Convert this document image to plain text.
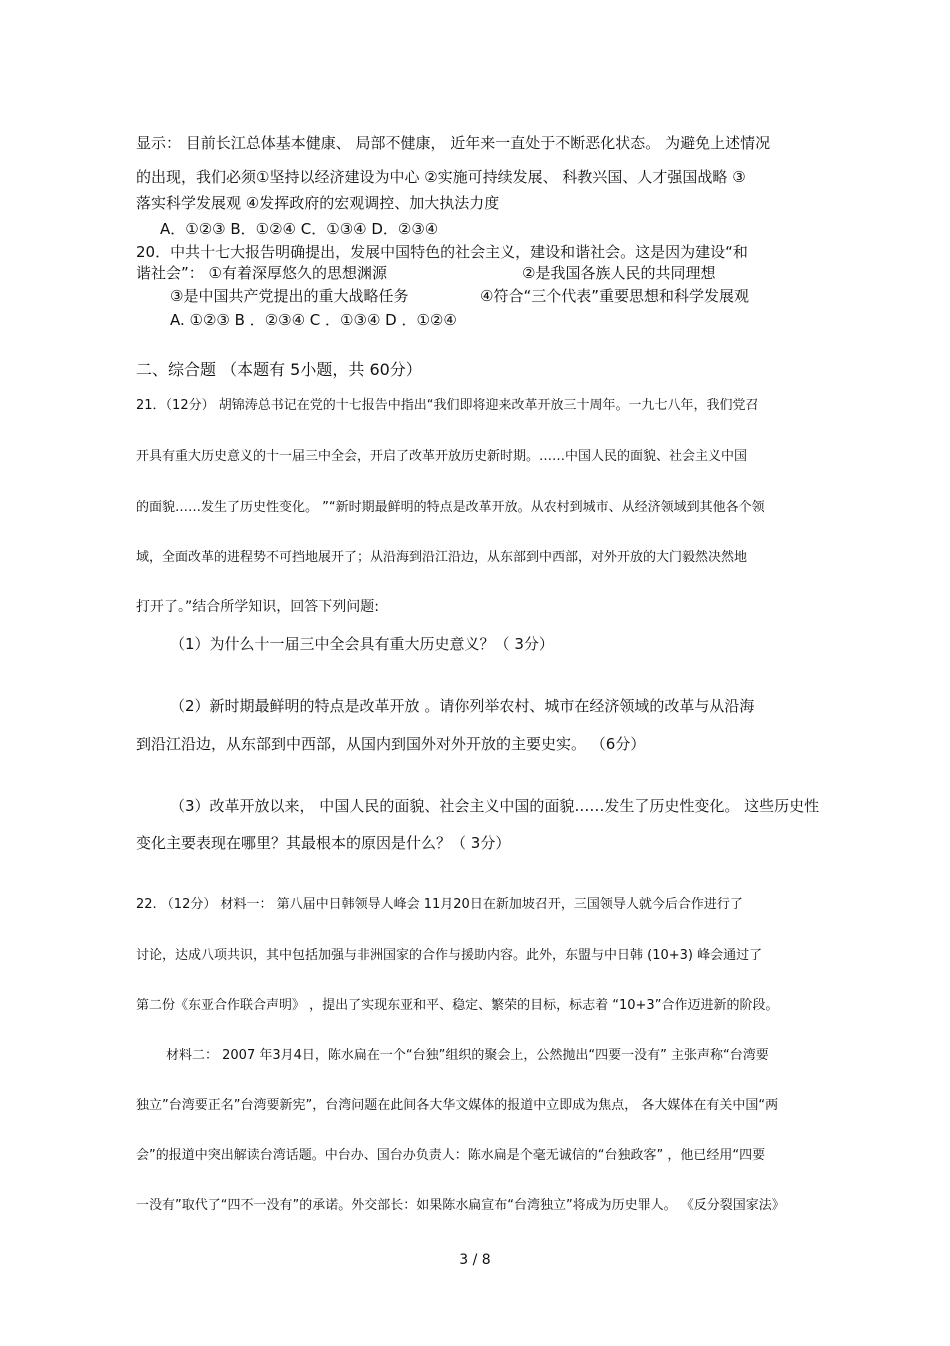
显示： 目前长江总体基本健康、 局部不健康， 近年来一直处于不断恶化状态。 为避免上述情况
的出现，我们必须①坚持以经济建设为中心 ②实施可持续发展、 科教兴国、人才强国战略 ③
落实科学发展观 ④发挥政府的宏观调控、加大执法力度
A．①②③ B．①②④ C．①③④ D．②③④
20．中共十七大报告明确提出，发展中国特色的社会主义，建设和谐社会。这是因为建设“和
谐社会”： ①有着深厚悠久的思想渊源	②是我国各族人民的共同理想
③是中国共产党提出的重大战略任务	④符合“三个代表”重要思想和科学发展观
A. ①②③ B ．②③④ C ．①③④ D ．①②④
二、综合题 （本题有 5小题，共 60分）
21．（12分） 胡锦涛总书记在党的十七报告中指出“我们即将迎来改革开放三十周年。一九七八年，我们党召
开具有重大历史意义的十一届三中全会，开启了改革开放历史新时期。……中国人民的面貌、社会主义中国
的面貌……发生了历史性变化。 ”“新时期最鲜明的特点是改革开放。从农村到城市、从经济领域到其他各个领
域，全面改革的进程势不可挡地展开了；从沿海到沿江沿边，从东部到中西部，对外开放的大门毅然决然地
打开了。”结合所学知识，回答下列问题:
（1）为什么十一届三中全会具有重大历史意义？（ 3分）
（2）新时期最鲜明的特点是改革开放 。请你列举农村、城市在经济领域的改革与从沿海
到沿江沿边，从东部到中西部，从国内到国外对外开放的主要史实。 （6分）
（3）改革开放以来， 中国人民的面貌、社会主义中国的面貌……发生了历史性变化。 这些历史性
变化主要表现在哪里？其最根本的原因是什么？（ 3分）
22. （12分） 材料一： 第八届中日韩领导人峰会 11月20日在新加坡召开，三国领导人就今后合作进行了
讨论，达成八项共识，其中包括加强与非洲国家的合作与援助内容。此外，东盟与中日韩 (10+3) 峰会通过了
第二份《东亚合作联合声明》 ，提出了实现东亚和平、稳定、繁荣的目标，标志着 “10+3”合作迈进新的阶段。
材料二： 2007 年3月4日，陈水扁在一个“台独”组织的聚会上，公然抛出“四要一没有” 主张声称“台湾要
独立”台湾要正名”台湾要新宪”，台湾问题在此间各大华文媒体的报道中立即成为焦点， 各大媒体在有关中国“两
会”的报道中突出解读台湾话题。中台办、国台办负责人：陈水扁是个毫无诚信的“台独政客” ，他已经用“四要
一没有”取代了“四不一没有”的承诺。外交部长：如果陈水扁宣布“台湾独立”将成为历史罪人。 《反分裂国家法》
3 / 8
